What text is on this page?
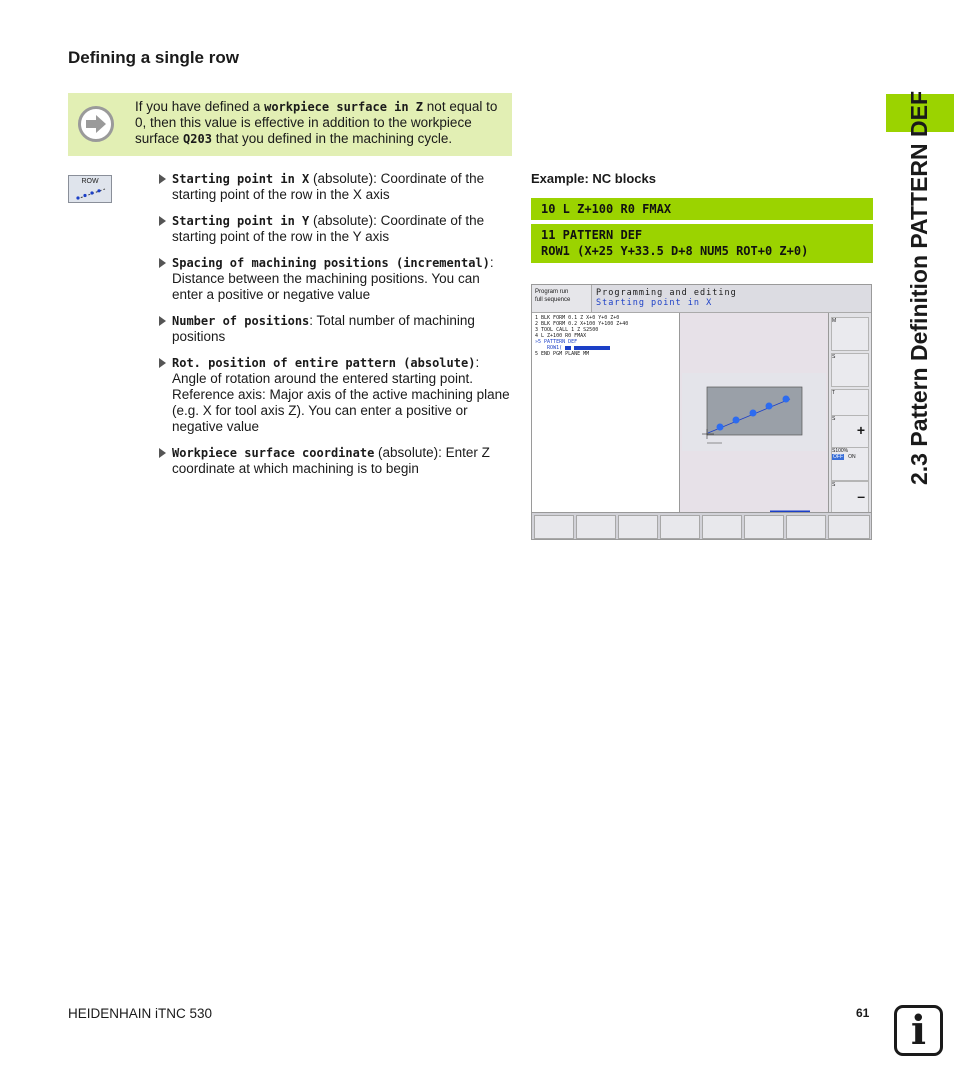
Defining a single row
If you have defined a workpiece surface in Z not equal to 0, then this value is effective in addition to the workpiece surface Q203 that you defined in the machining cycle.
ROW	Starting point in X (absolute): Coordinate of the starting point of the row in the X axis
Starting point in Y (absolute): Coordinate of the starting point of the row in the Y axis
Spacing of machining positions (incremental): Distance between the machining positions. You can enter a positive or negative value
Number of positions: Total number of machining positions
Rot. position of entire pattern (absolute): Angle of rotation around the entered starting point. Reference axis: Major axis of the active machining plane (e.g. X for tool axis Z). You can enter a positive or negative value
Workpiece surface coordinate (absolute): Enter Z coordinate at which machining is to begin
Example: NC blocks
10 L Z+100 R0 FMAX
11 PATTERN DEF
ROW1 (X+25 Y+33.5 D+8 NUM5 ROT+0 Z+0)
Program run
full sequence
Programming and editing
Starting point in X
1 BLK FORM 0.1 Z X+0 Y+0 Z+0
2 BLK FORM 0.2 X+100 Y+100 Z+40
3 TOOL CALL 1 Z S2500
4 L Z+100 R0 FMAX
»5 PATTERN DEF
ROW1(
5 END PGM PLANE MM
M
S
T
S
+
S100%
OFF ON
S
–
2.3 Pattern Definition PATTERN DEF
HEIDENHAIN iTNC 530	61	i
